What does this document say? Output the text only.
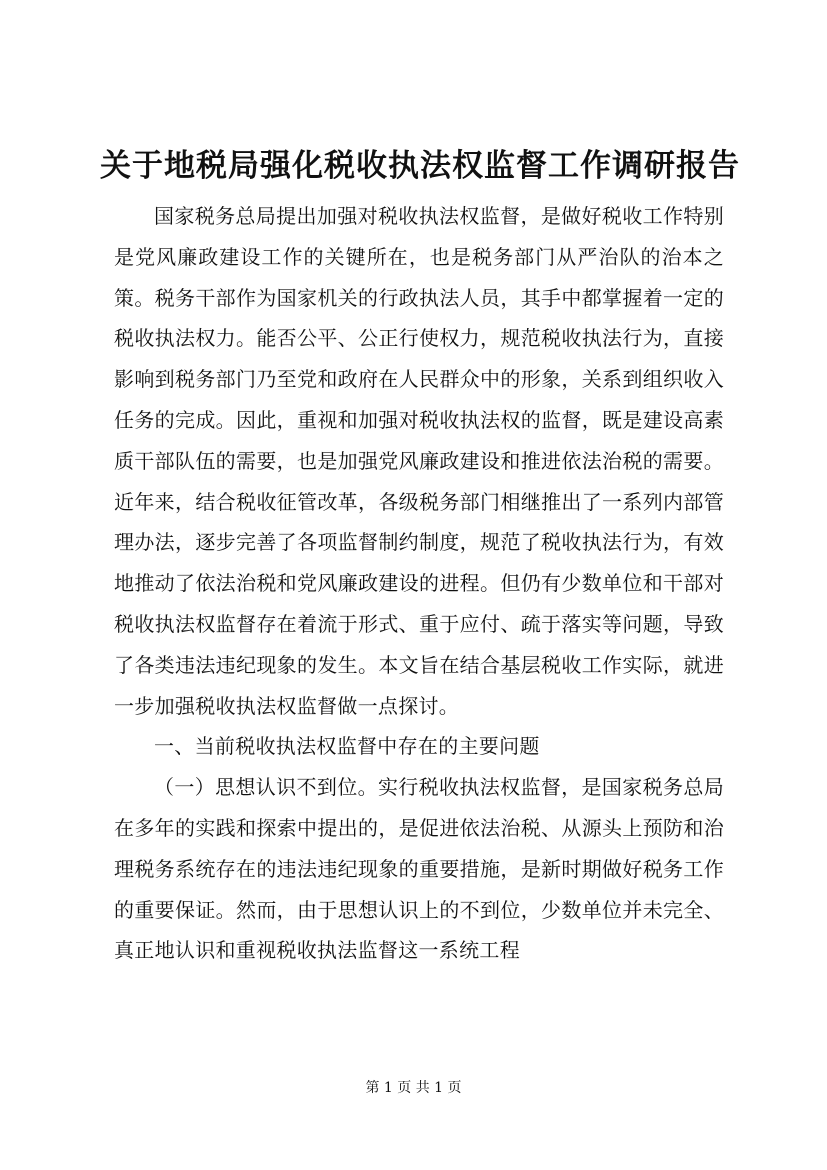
关于地税局强化税收执法权监督工作调研报告

国家税务总局提出加强对税收执法权监督，是做好税收工作特别是党风廉政建设工作的关键所在，也是税务部门从严治队的治本之策。税务干部作为国家机关的行政执法人员，其手中都掌握着一定的税收执法权力。能否公平、公正行使权力，规范税收执法行为，直接影响到税务部门乃至党和政府在人民群众中的形象，关系到组织收入任务的完成。因此，重视和加强对税收执法权的监督，既是建设高素质干部队伍的需要，也是加强党风廉政建设和推进依法治税的需要。近年来，结合税收征管改革，各级税务部门相继推出了一系列内部管理办法，逐步完善了各项监督制约制度，规范了税收执法行为，有效地推动了依法治税和党风廉政建设的进程。但仍有少数单位和干部对税收执法权监督存在着流于形式、重于应付、疏于落实等问题，导致了各类违法违纪现象的发生。本文旨在结合基层税收工作实际，就进一步加强税收执法权监督做一点探讨。

一、当前税收执法权监督中存在的主要问题

（一）思想认识不到位。实行税收执法权监督，是国家税务总局在多年的实践和探索中提出的，是促进依法治税、从源头上预防和治理税务系统存在的违法违纪现象的重要措施，是新时期做好税务工作的重要保证。然而，由于思想认识上的不到位，少数单位并未完全、真正地认识和重视税收执法监督这一系统工程

第 1 页 共 1 页
